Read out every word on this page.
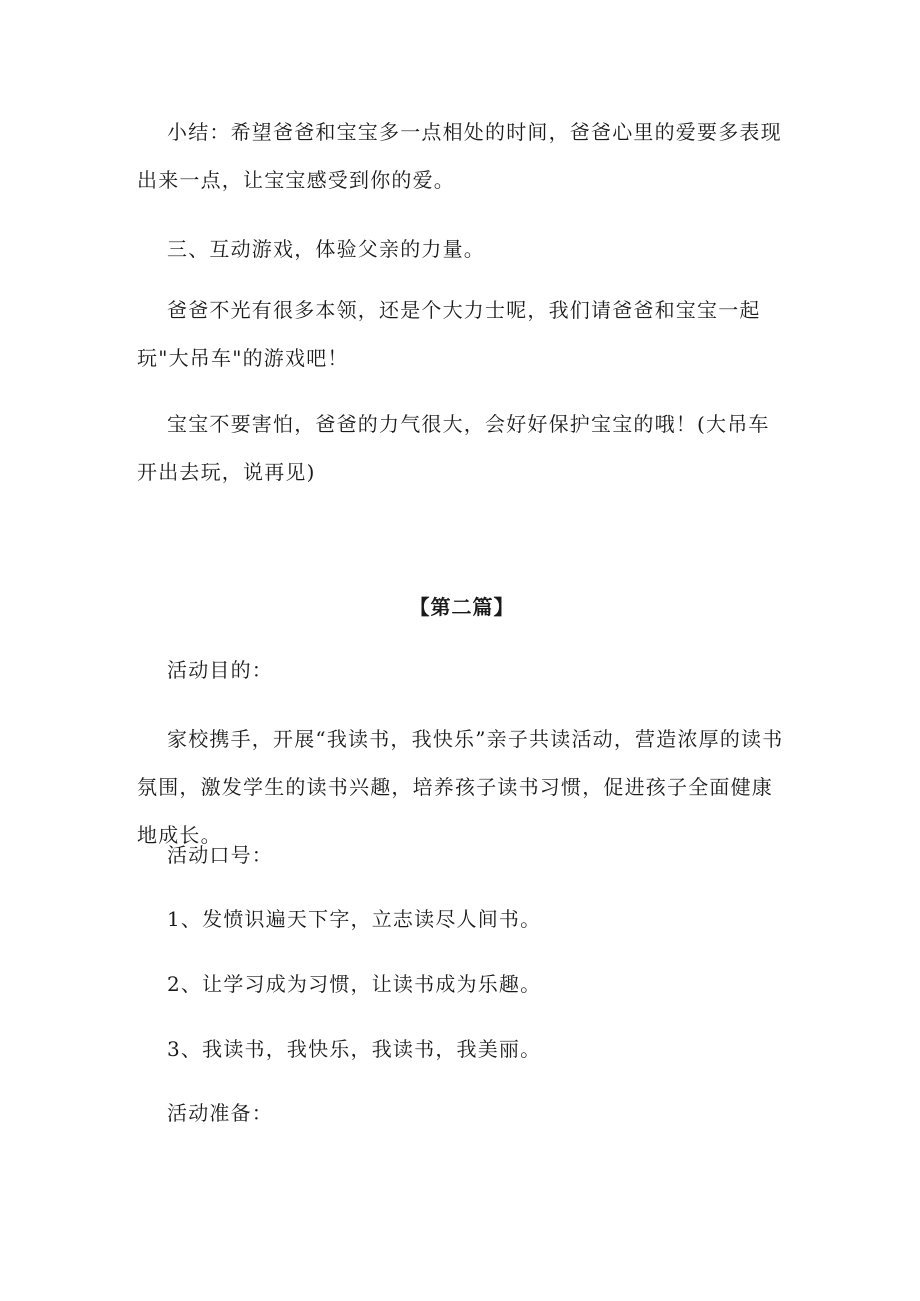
小结：希望爸爸和宝宝多一点相处的时间，爸爸心里的爱要多表现出来一点，让宝宝感受到你的爱。

三、互动游戏，体验父亲的力量。

爸爸不光有很多本领，还是个大力士呢，我们请爸爸和宝宝一起玩"大吊车"的游戏吧！

宝宝不要害怕，爸爸的力气很大，会好好保护宝宝的哦！(大吊车开出去玩，说再见)

【第二篇】

活动目的：

家校携手，开展“我读书，我快乐”亲子共读活动，营造浓厚的读书氛围，激发学生的读书兴趣，培养孩子读书习惯，促进孩子全面健康地成长。

活动口号：

1、发愤识遍天下字，立志读尽人间书。

2、让学习成为习惯，让读书成为乐趣。

3、我读书，我快乐，我读书，我美丽。

活动准备：
